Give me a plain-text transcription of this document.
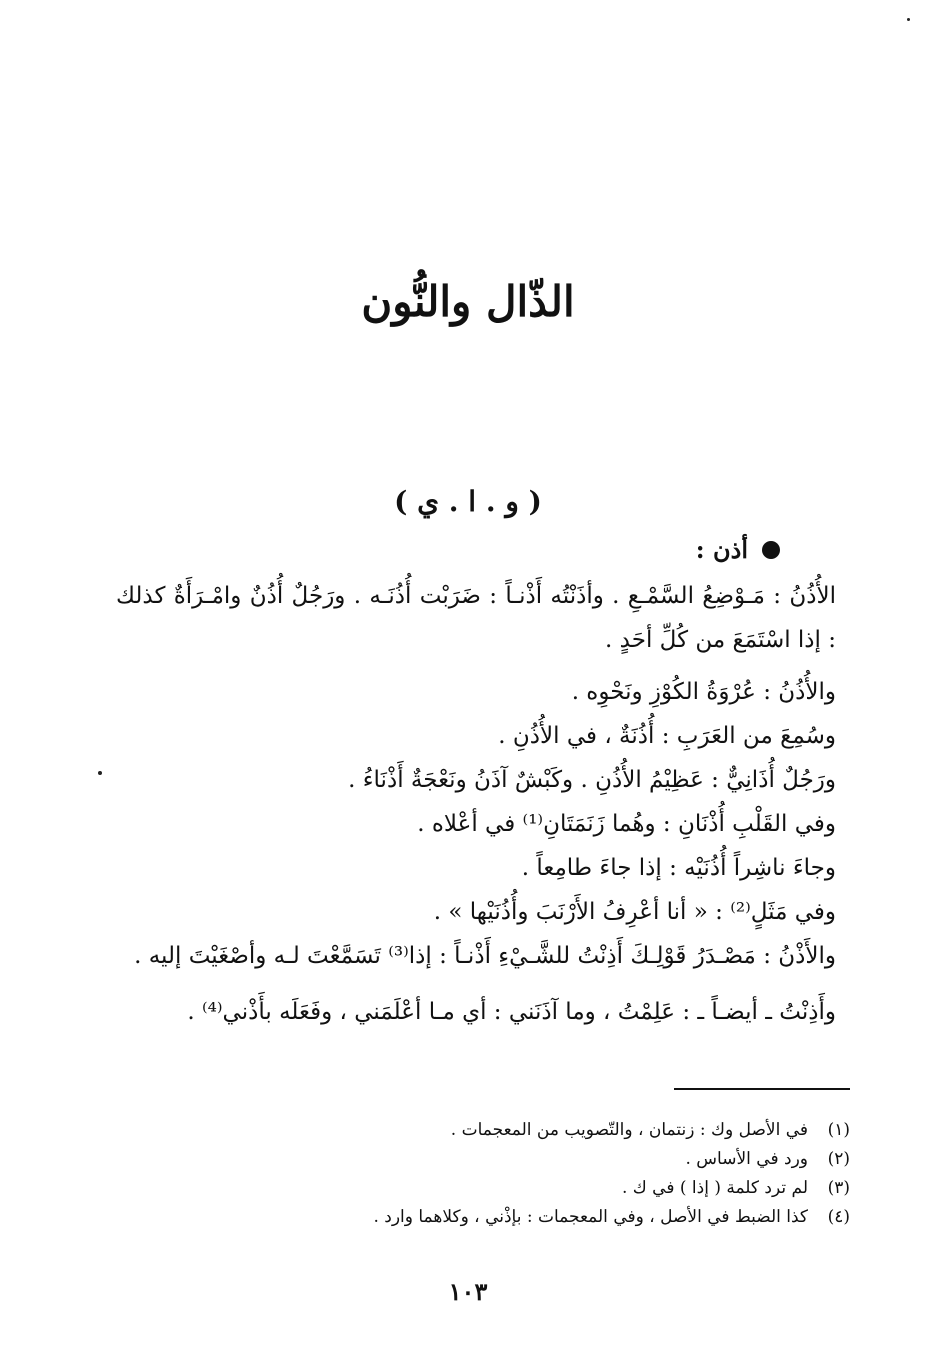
الذّال والنُّون
( و . ا . ي )
أذن :

الأُذُنُ : مَـوْضِعُ السَّمْـعِ . وأذَنْتُه أَذْنـاً : ضَرَبْت أُذُنَـه . ورَجُلٌ أُذُنٌ وامْـرَأَةٌ كذلك : إذا اسْتَمَعَ من كُلِّ أحَدٍ .

والأُذُنُ : عُرْوَةُ الكُوْزِ ونَحْوِه .

وسُمِعَ من العَرَبِ : أُذُنَةٌ ، في الأُذُنِ .

ورَجُلٌ أُذَانِيٌّ : عَظِيْمُ الأُذُنِ . وكَبْشٌ آذَنُ ونَعْجَةٌ أَذْنَاءُ .

وفي القَلْبِ أُذْنَانِ : وهُما زَنَمَتَانِ⁽¹⁾ في أعْلاه .

وجاءَ ناشِراً أُذُنَيْه : إذا جاءَ طامِعاً .

وفي مَثَلٍ⁽²⁾ : « أنا أعْرِفُ الأَرْنَبَ وأُذُنَيْها » .

والأَذْنُ : مَصْـدَرُ قَوْلِـكَ أَذِنْتُ للشَّـيْءِ أَذْنـاً : إذا⁽³⁾ تَسَمَّعْتَ لـه وأصْغَيْتَ إليه .

وأَذِنْتُ ـ أيضـاً ـ : عَلِمْتُ ، وما آذَنَني : أي مـا أعْلَمَني ، وفَعَلَه بأَذْني⁽⁴⁾ .

(١)في الأصل وك : زنتمان ، والتّصويب من المعجمات .
(٢)ورد في الأساس .
(٣)لم ترد كلمة ( إذا ) في ك .
(٤)كذا الضبط في الأصل ، وفي المعجمات : بإذْني ، وكلاهما وارد .
١٠٣
